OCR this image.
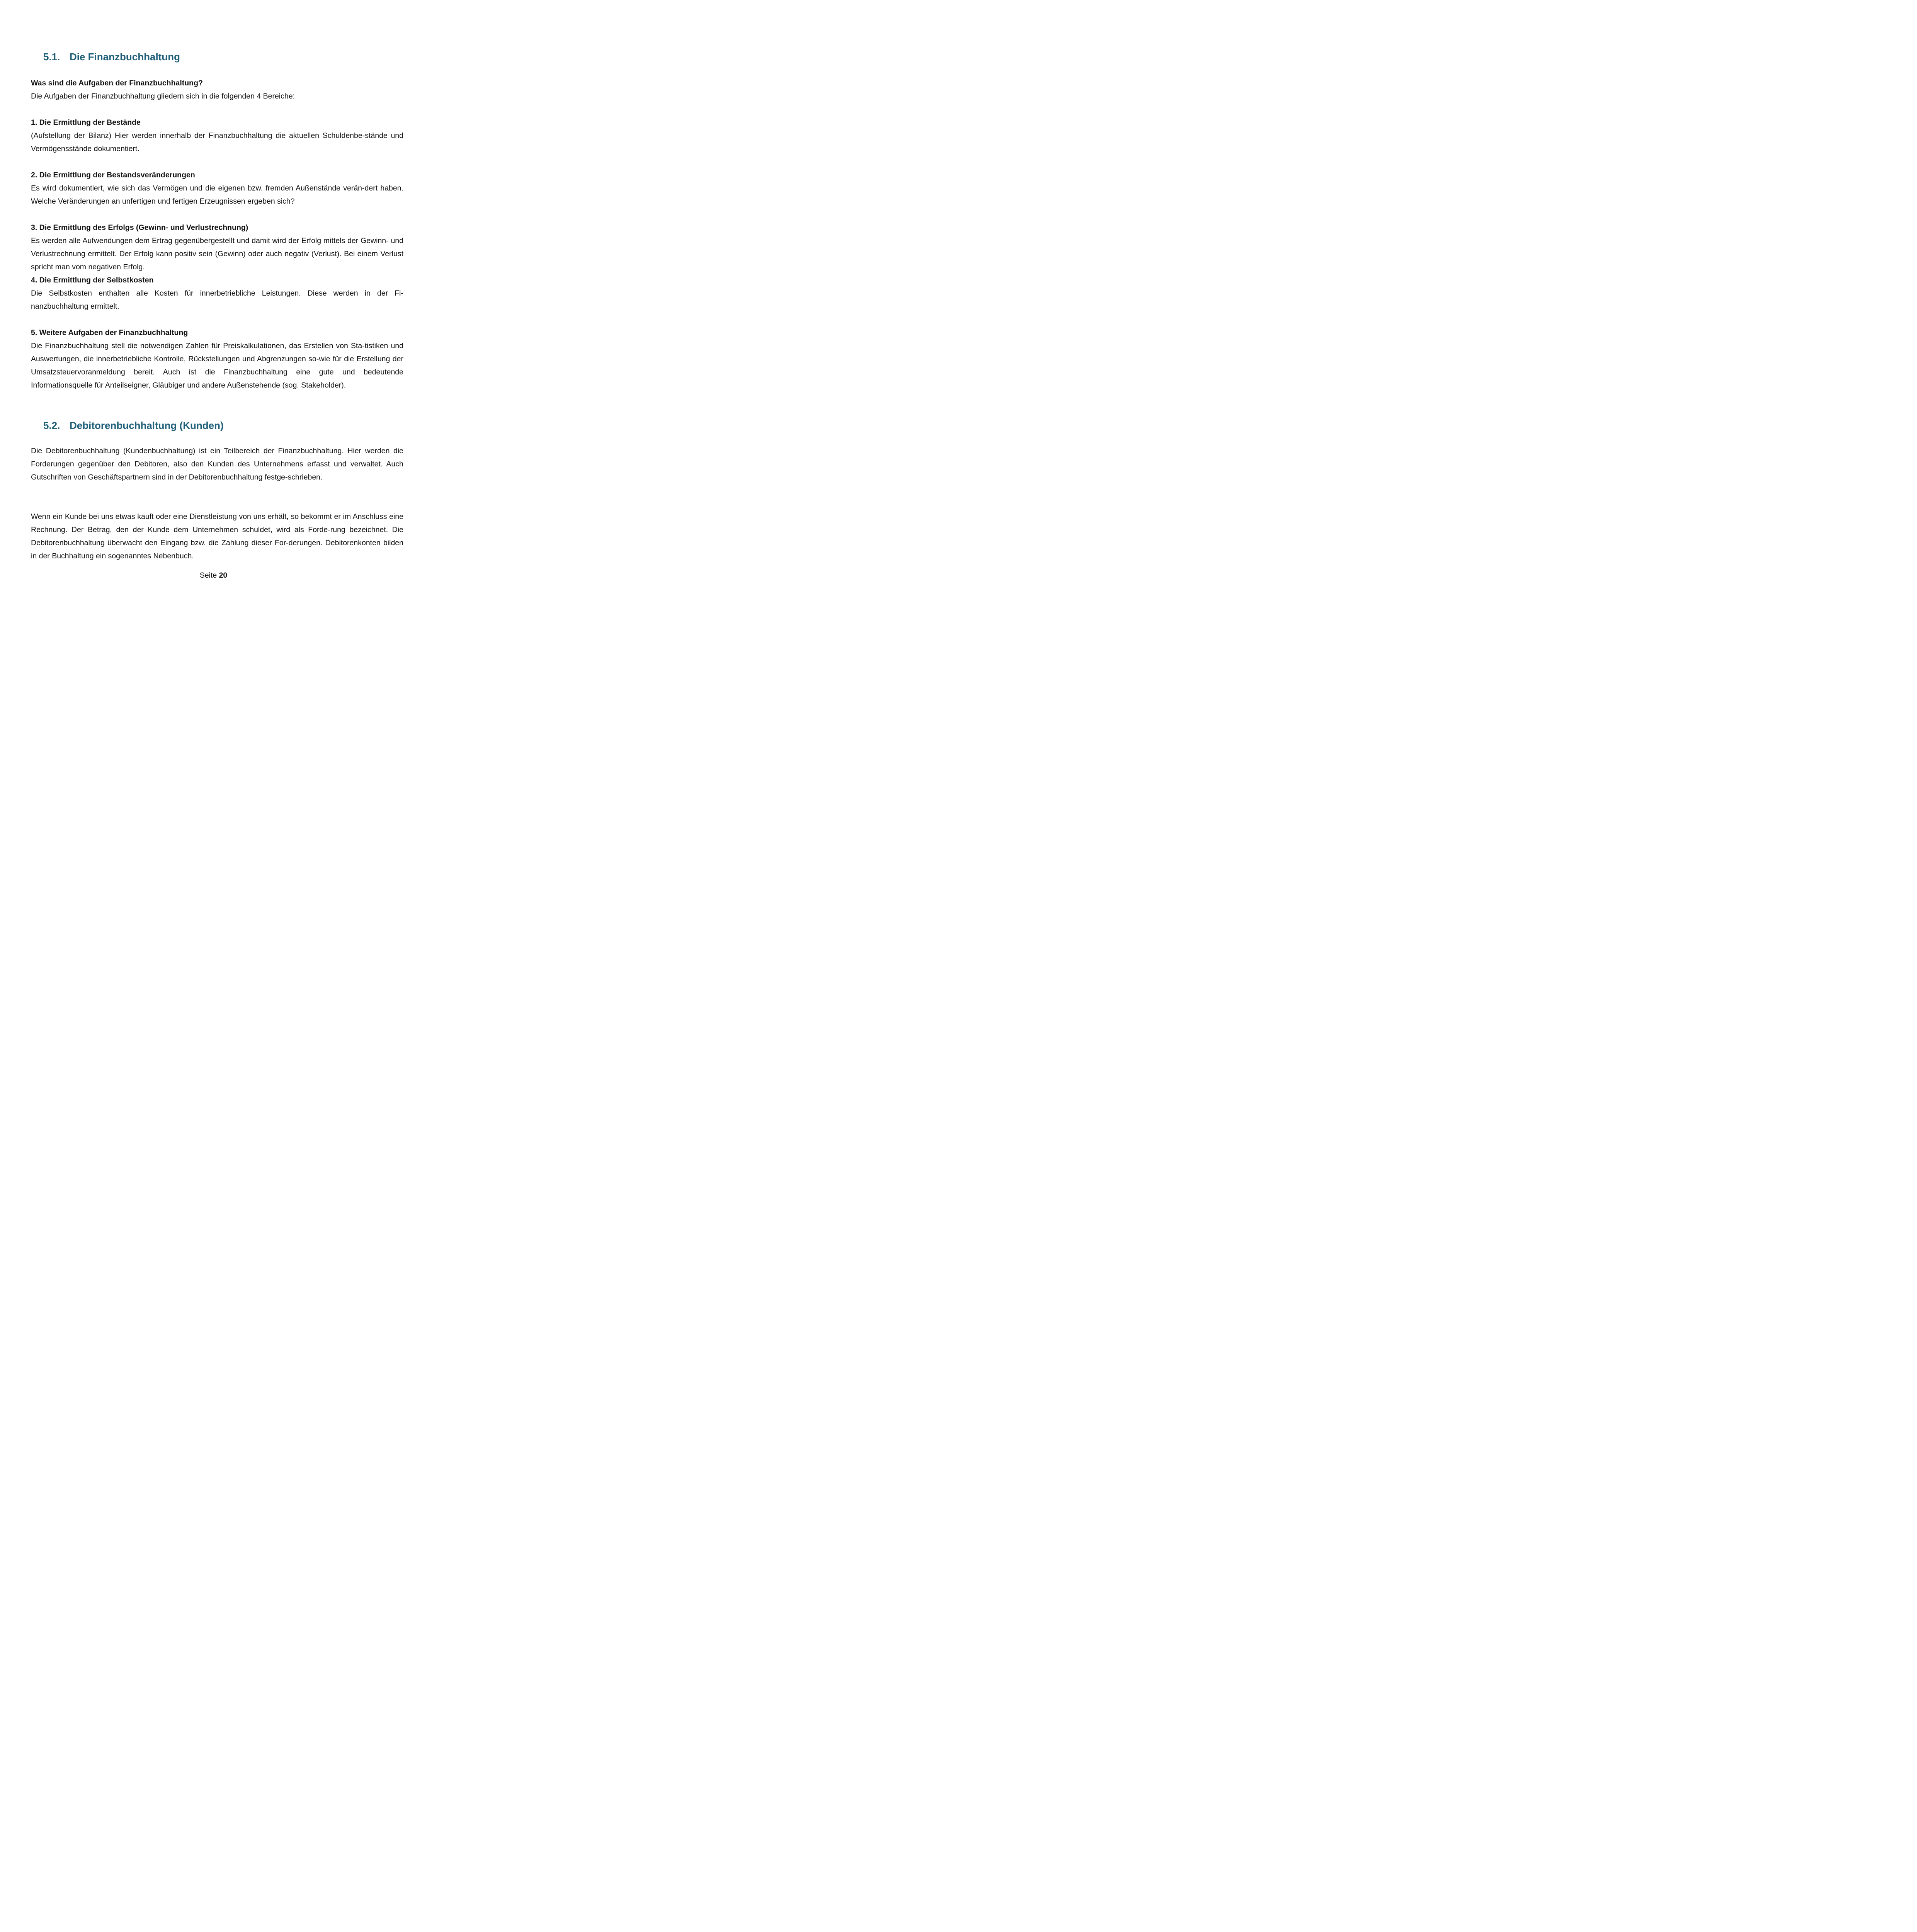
5.1. Die Finanzbuchhaltung
Was sind die Aufgaben der Finanzbuchhaltung?
Die Aufgaben der Finanzbuchhaltung gliedern sich in die folgenden 4 Bereiche:
1. Die Ermittlung der Bestände
(Aufstellung der Bilanz) Hier werden innerhalb der Finanzbuchhaltung die aktuellen Schuldenbe-stände und Vermögensstände dokumentiert.
2. Die Ermittlung der Bestandsveränderungen
Es wird dokumentiert, wie sich das Vermögen und die eigenen bzw. fremden Außenstände verän-dert haben. Welche Veränderungen an unfertigen und fertigen Erzeugnissen ergeben sich?
3. Die Ermittlung des Erfolgs (Gewinn- und Verlustrechnung)
Es werden alle Aufwendungen dem Ertrag gegenübergestellt und damit wird der Erfolg mittels der Gewinn- und Verlustrechnung ermittelt. Der Erfolg kann positiv sein (Gewinn) oder auch negativ (Verlust). Bei einem Verlust spricht man vom negativen Erfolg.
4. Die Ermittlung der Selbstkosten
Die Selbstkosten enthalten alle Kosten für innerbetriebliche Leistungen. Diese werden in der Fi-nanzbuchhaltung ermittelt.
5. Weitere Aufgaben der Finanzbuchhaltung
Die Finanzbuchhaltung stell die notwendigen Zahlen für Preiskalkulationen, das Erstellen von Sta-tistiken und Auswertungen, die innerbetriebliche Kontrolle, Rückstellungen und Abgrenzungen so-wie für die Erstellung der Umsatzsteuervoranmeldung bereit. Auch ist die Finanzbuchhaltung eine gute und bedeutende Informationsquelle für Anteilseigner, Gläubiger und andere Außenstehende (sog. Stakeholder).
5.2. Debitorenbuchhaltung (Kunden)
Die Debitorenbuchhaltung (Kundenbuchhaltung) ist ein Teilbereich der Finanzbuchhaltung. Hier werden die Forderungen gegenüber den Debitoren, also den Kunden des Unternehmens erfasst und verwaltet. Auch Gutschriften von Geschäftspartnern sind in der Debitorenbuchhaltung festge-schrieben.
Wenn ein Kunde bei uns etwas kauft oder eine Dienstleistung von uns erhält, so bekommt er im Anschluss eine Rechnung. Der Betrag, den der Kunde dem Unternehmen schuldet, wird als Forde-rung bezeichnet. Die Debitorenbuchhaltung überwacht den Eingang bzw. die Zahlung dieser For-derungen. Debitorenkonten bilden in der Buchhaltung ein sogenanntes Nebenbuch.
Seite 20
